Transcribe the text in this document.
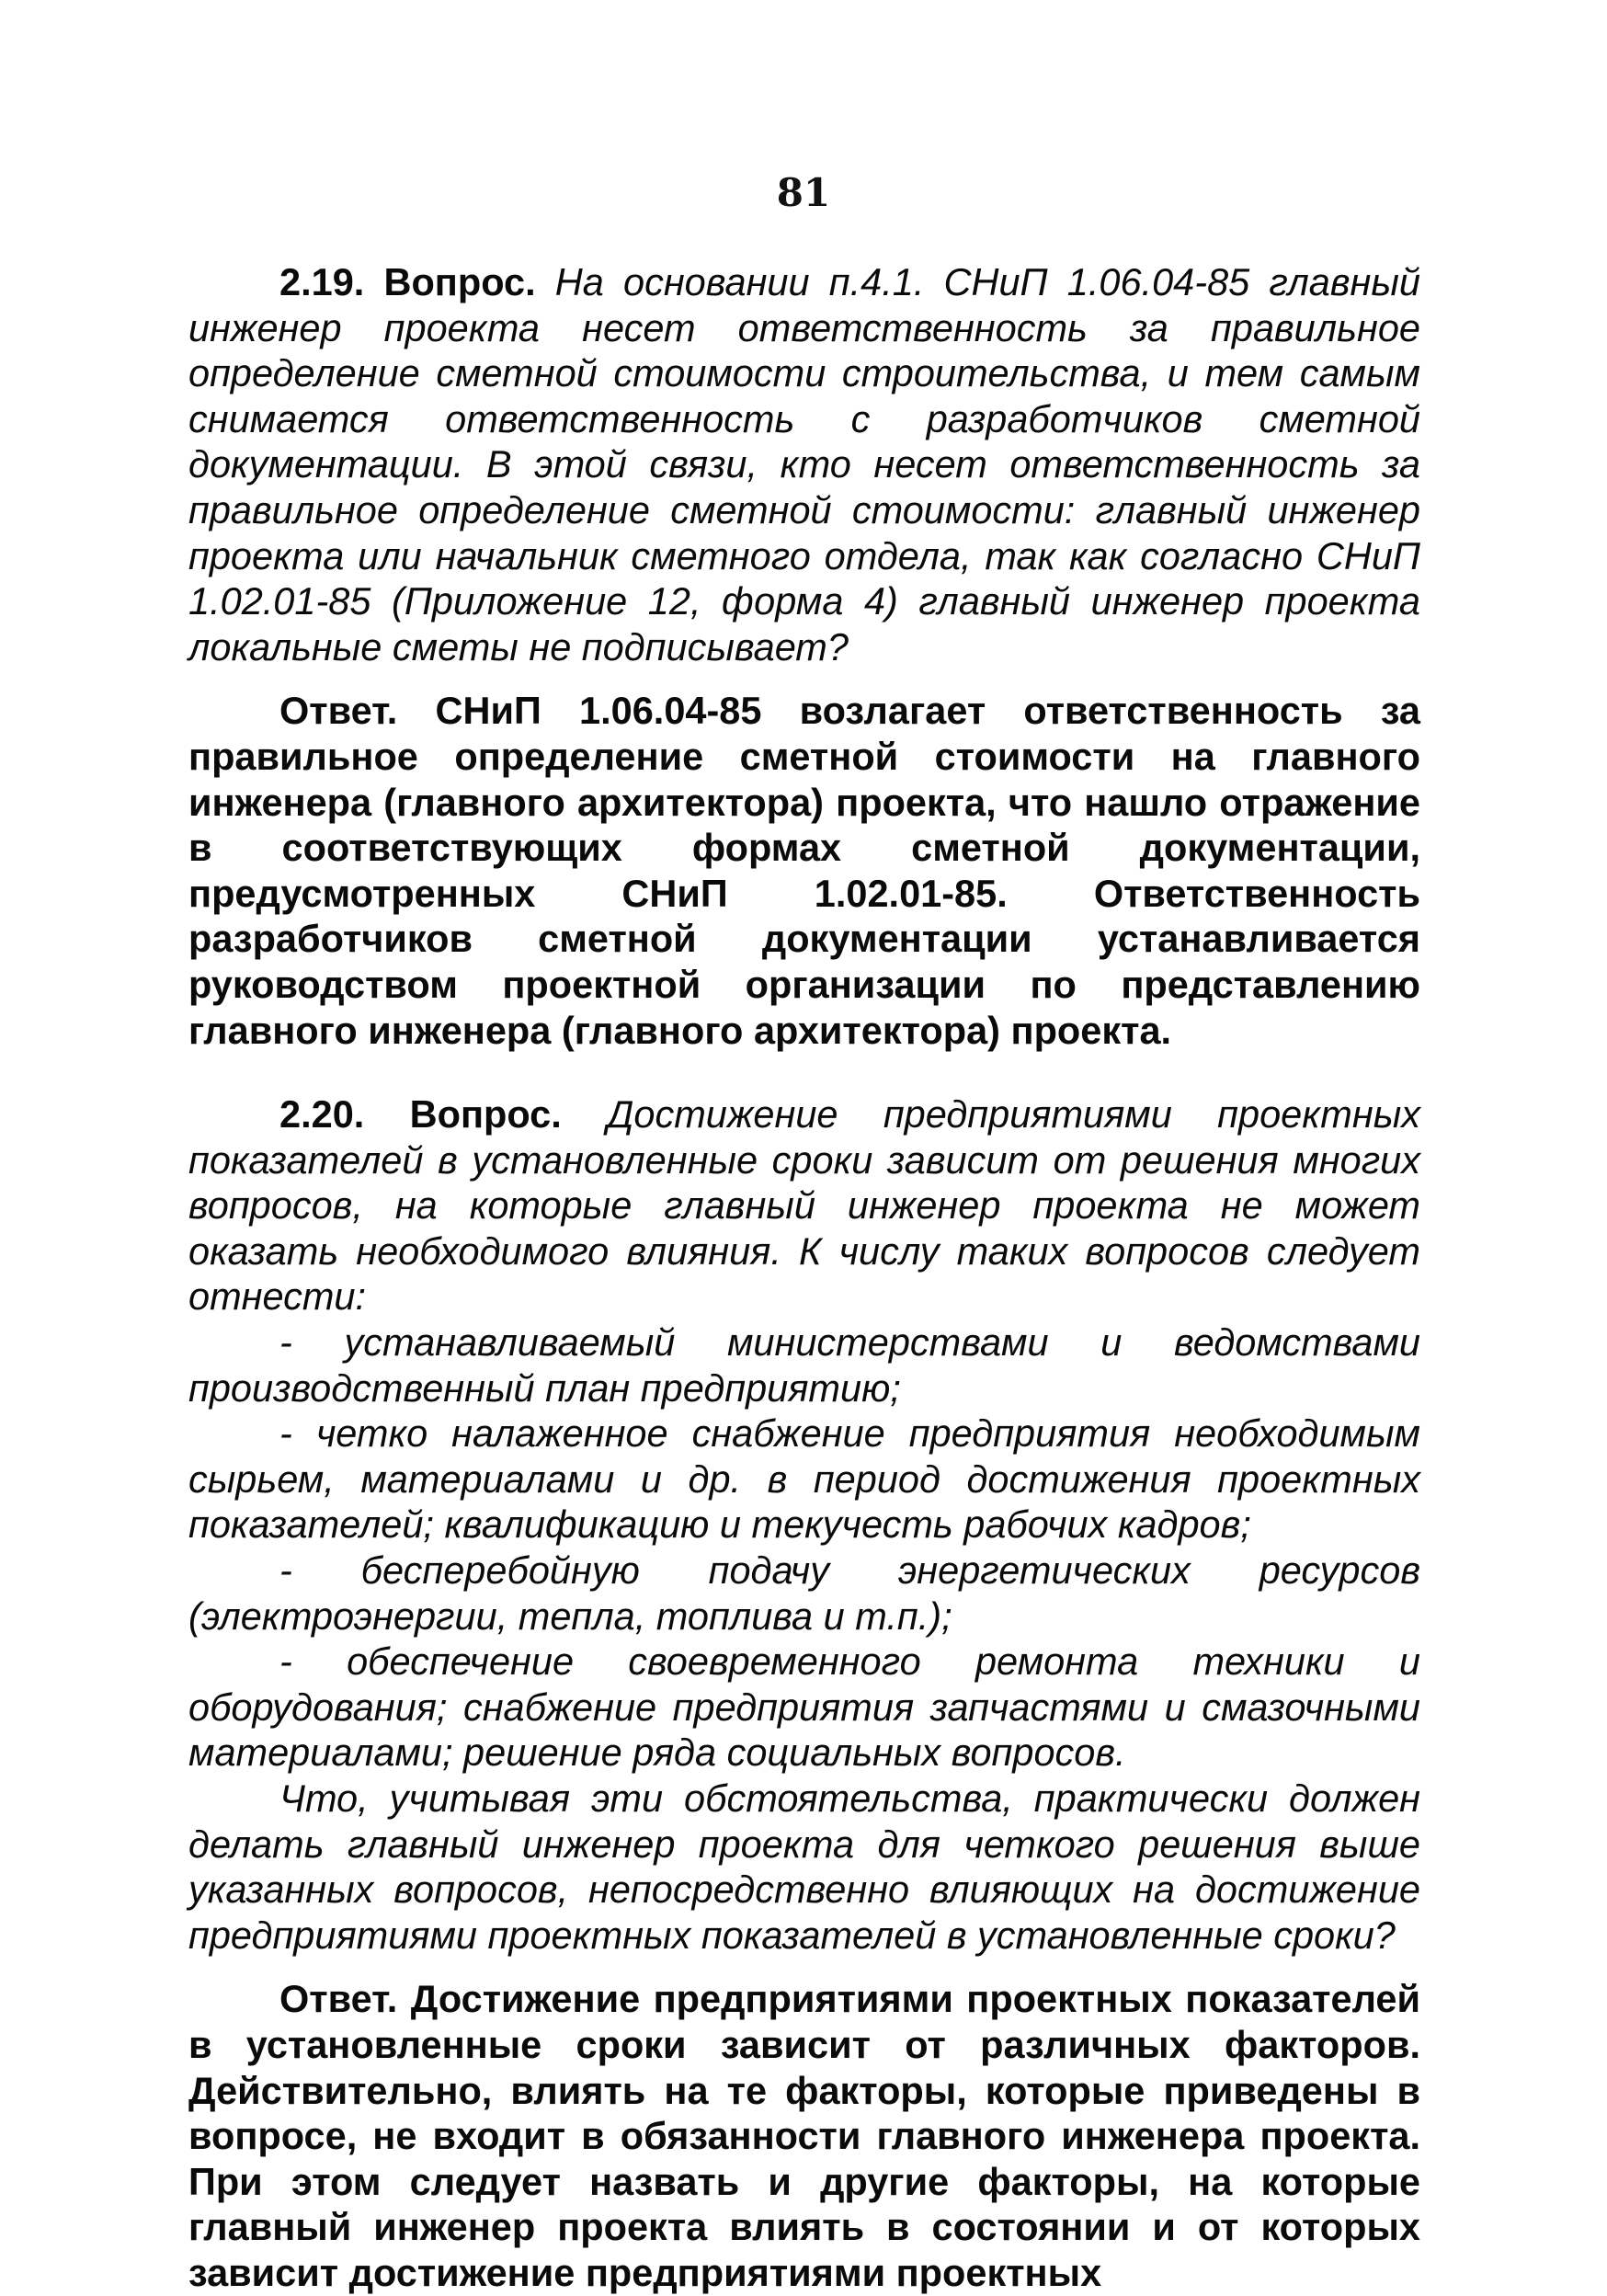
81

2.19. Вопрос. На основании п.4.1. СНиП 1.06.04-85 главный инженер проекта несет ответственность за правильное определение сметной стоимости строительства, и тем самым снимается ответственность с разработчиков сметной документации. В этой связи, кто несет ответственность за правильное определение сметной стоимости: главный инженер проекта или начальник сметного отдела, так как согласно СНиП 1.02.01-85 (Приложение 12, форма 4) главный инженер проекта локальные сметы не подписывает?

Ответ. СНиП 1.06.04-85 возлагает ответственность за правильное определение сметной стоимости на главного инженера (главного архитектора) проекта, что нашло отражение в соответствующих формах сметной документации, предусмотренных СНиП 1.02.01-85. Ответственность разработчиков сметной документации устанавливается руководством проектной организации по представлению главного инженера (главного архитектора) проекта.

2.20. Вопрос. Достижение предприятиями проектных показателей в установленные сроки зависит от решения многих вопросов, на которые главный инженер проекта не может оказать необходимого влияния. К числу таких вопросов следует отнести:

- устанавливаемый министерствами и ведомствами производственный план предприятию;

- четко налаженное снабжение предприятия необходимым сырьем, материалами и др. в период достижения проектных показателей; квалификацию и текучесть рабочих кадров;

- бесперебойную подачу энергетических ресурсов (электроэнергии, тепла, топлива и т.п.);

- обеспечение своевременного ремонта техники и оборудования; снабжение предприятия запчастями и смазочными материалами; решение ряда социальных вопросов.

Что, учитывая эти обстоятельства, практически должен делать главный инженер проекта для четкого решения выше указанных вопросов, непосредственно влияющих на достижение предприятиями проектных показателей в установленные сроки?

Ответ. Достижение предприятиями проектных показателей в установленные сроки зависит от различных факторов. Действительно, влиять на те факторы, которые приведены в вопросе, не входит в обязанности главного инженера проекта. При этом следует назвать и другие факторы, на которые главный инженер проекта влиять в состоянии и от которых зависит достижение предприятиями проектных
